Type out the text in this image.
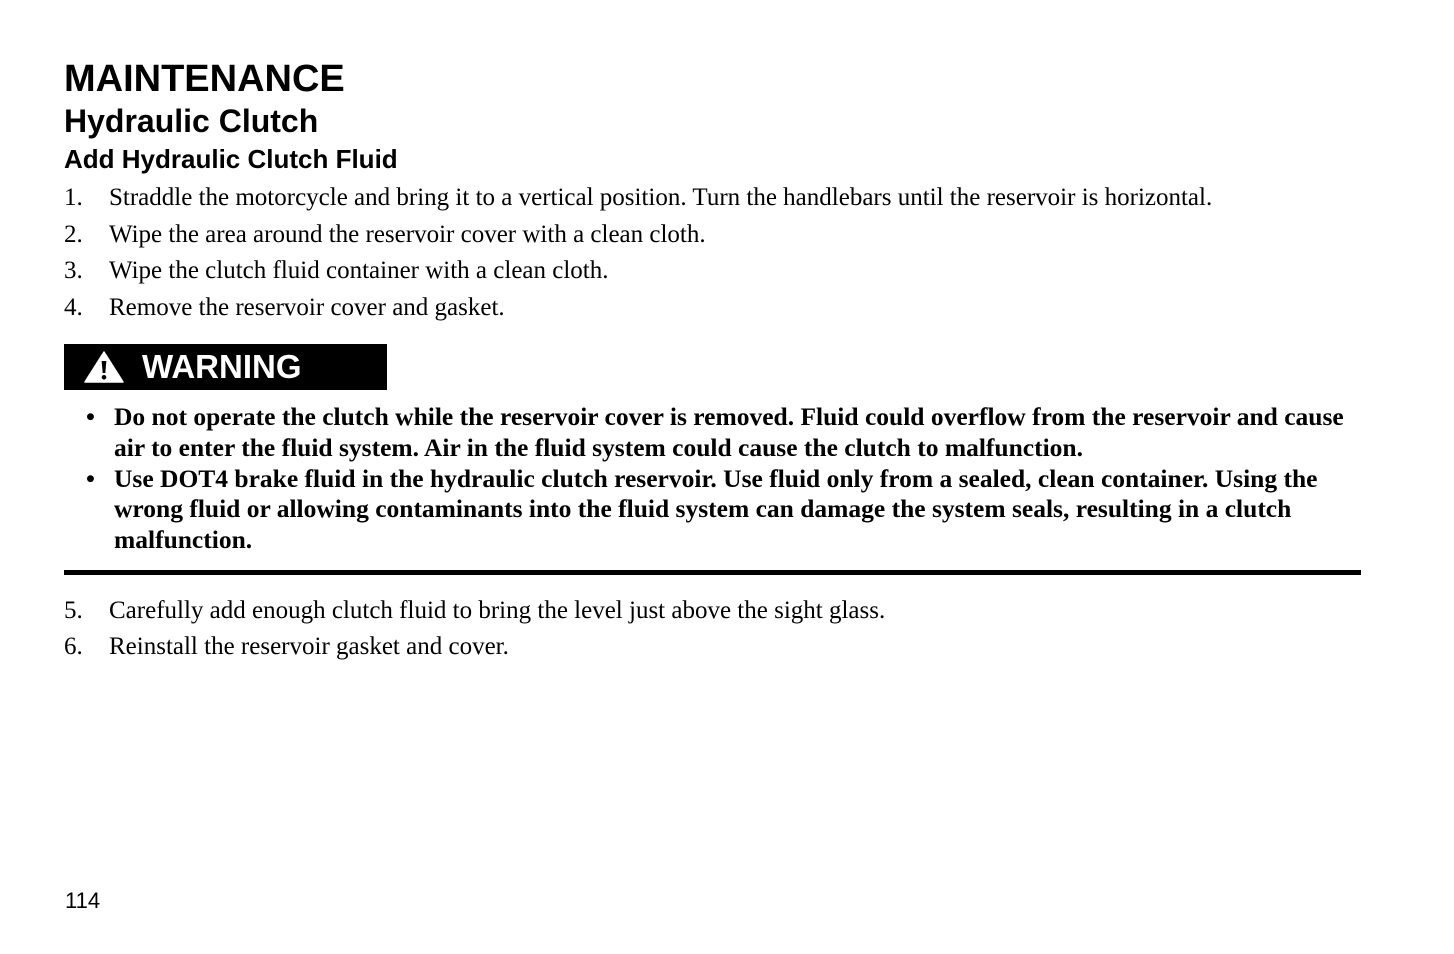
MAINTENANCE
Hydraulic Clutch
Add Hydraulic Clutch Fluid
1. Straddle the motorcycle and bring it to a vertical position. Turn the handlebars until the reservoir is horizontal.
2. Wipe the area around the reservoir cover with a clean cloth.
3. Wipe the clutch fluid container with a clean cloth.
4. Remove the reservoir cover and gasket.
WARNING
• Do not operate the clutch while the reservoir cover is removed. Fluid could overflow from the reservoir and cause air to enter the fluid system. Air in the fluid system could cause the clutch to malfunction.
• Use DOT4 brake fluid in the hydraulic clutch reservoir. Use fluid only from a sealed, clean container. Using the wrong fluid or allowing contaminants into the fluid system can damage the system seals, resulting in a clutch malfunction.
5. Carefully add enough clutch fluid to bring the level just above the sight glass.
6. Reinstall the reservoir gasket and cover.
114
